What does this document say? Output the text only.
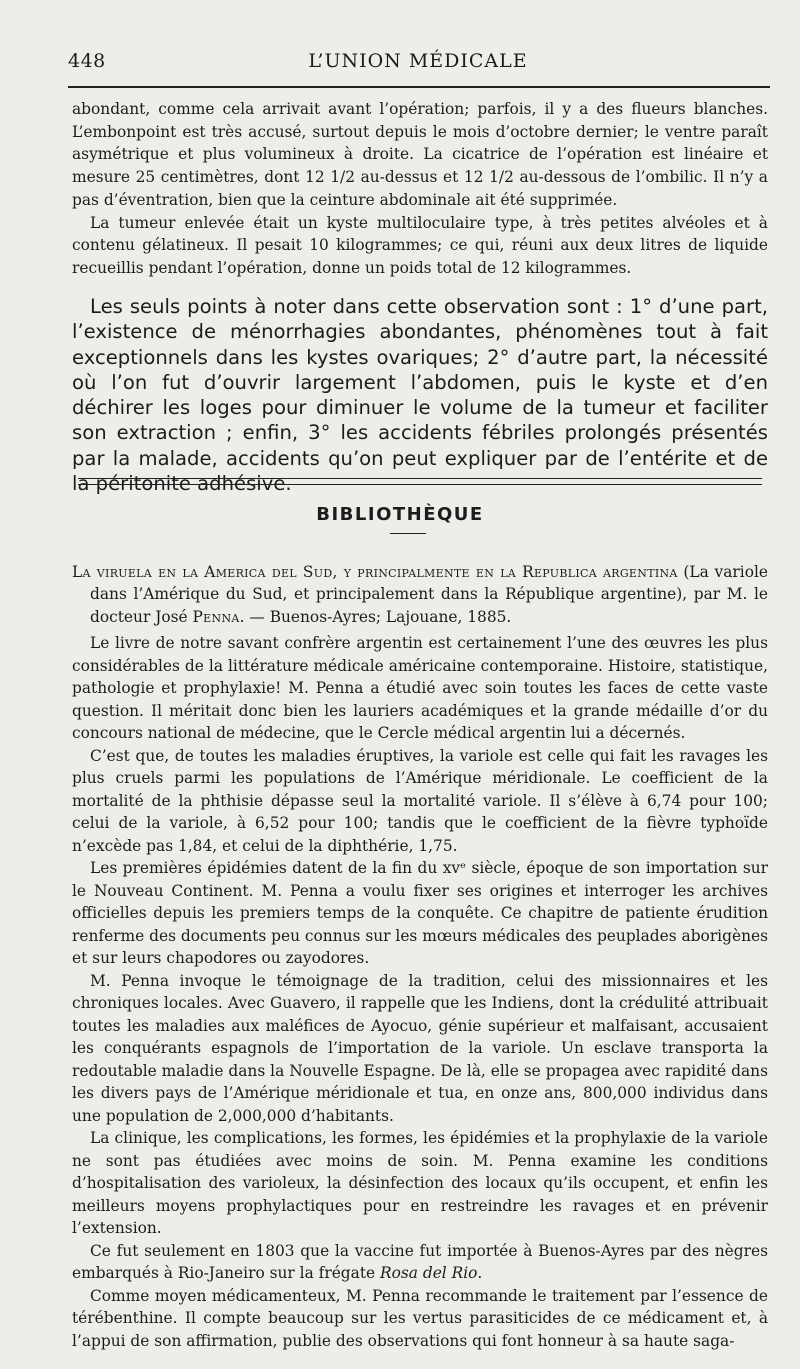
448	L’UNION MÉDICALE

abondant, comme cela arrivait avant l’opération; parfois, il y a des flueurs blanches. L’embonpoint est très accusé, surtout depuis le mois d’octobre dernier; le ventre paraît asymétrique et plus volumineux à droite. La cicatrice de l’opération est linéaire et mesure 25 centimètres, dont 12 1/2 au-dessus et 12 1/2 au-dessous de l’ombilic. Il n’y a pas d’éventration, bien que la ceinture abdominale ait été supprimée.

La tumeur enlevée était un kyste multiloculaire type, à très petites alvéoles et à contenu gélatineux. Il pesait 10 kilogrammes; ce qui, réuni aux deux litres de liquide recueillis pendant l’opération, donne un poids total de 12 kilogrammes.

Les seuls points à noter dans cette observation sont : 1° d’une part, l’existence de ménorrhagies abondantes, phénomènes tout à fait exceptionnels dans les kystes ovariques; 2° d’autre part, la nécessité où l’on fut d’ouvrir largement l’abdomen, puis le kyste et d’en déchirer les loges pour diminuer le volume de la tumeur et faciliter son extraction ; enfin, 3° les accidents fébriles prolongés présentés par la malade, accidents qu’on peut expliquer par de l’entérite et de la péritonite adhésive.

BIBLIOTHÈQUE

La viruela en la America del Sud, y principalmente en la Republica argentina (La variole dans l’Amérique du Sud, et principalement dans la République argentine), par M. le docteur José Penna. — Buenos-Ayres; Lajouane, 1885.

Le livre de notre savant confrère argentin est certainement l’une des œuvres les plus considérables de la littérature médicale américaine contemporaine. Histoire, statistique, pathologie et prophylaxie! M. Penna a étudié avec soin toutes les faces de cette vaste question. Il méritait donc bien les lauriers académiques et la grande médaille d’or du concours national de médecine, que le Cercle médical argentin lui a décernés.

C’est que, de toutes les maladies éruptives, la variole est celle qui fait les ravages les plus cruels parmi les populations de l’Amérique méridionale. Le coefficient de la mortalité de la phthisie dépasse seul la mortalité variole. Il s’élève à 6,74 pour 100; celui de la variole, à 6,52 pour 100; tandis que le coefficient de la fièvre typhoïde n’excède pas 1,84, et celui de la diphthérie, 1,75.

Les premières épidémies datent de la fin du xvᵉ siècle, époque de son importation sur le Nouveau Continent. M. Penna a voulu fixer ses origines et interroger les archives officielles depuis les premiers temps de la conquête. Ce chapitre de patiente érudition renferme des documents peu connus sur les mœurs médicales des peuplades aborigènes et sur leurs chapodores ou zayodores.

M. Penna invoque le témoignage de la tradition, celui des missionnaires et les chroniques locales. Avec Guavero, il rappelle que les Indiens, dont la crédulité attribuait toutes les maladies aux maléfices de Ayocuo, génie supérieur et malfaisant, accusaient les conquérants espagnols de l’importation de la variole. Un esclave transporta la redoutable maladie dans la Nouvelle Espagne. De là, elle se propagea avec rapidité dans les divers pays de l’Amérique méridionale et tua, en onze ans, 800,000 individus dans une population de 2,000,000 d’habitants.

La clinique, les complications, les formes, les épidémies et la prophylaxie de la variole ne sont pas étudiées avec moins de soin. M. Penna examine les conditions d’hospitalisation des varioleux, la désinfection des locaux qu’ils occupent, et enfin les meilleurs moyens prophylactiques pour en restreindre les ravages et en prévenir l’extension.

Ce fut seulement en 1803 que la vaccine fut importée à Buenos-Ayres par des nègres embarqués à Rio-Janeiro sur la frégate Rosa del Rio.

Comme moyen médicamenteux, M. Penna recommande le traitement par l’essence de térébenthine. Il compte beaucoup sur les vertus parasiticides de ce médicament et, à l’appui de son affirmation, publie des observations qui font honneur à sa haute saga-
